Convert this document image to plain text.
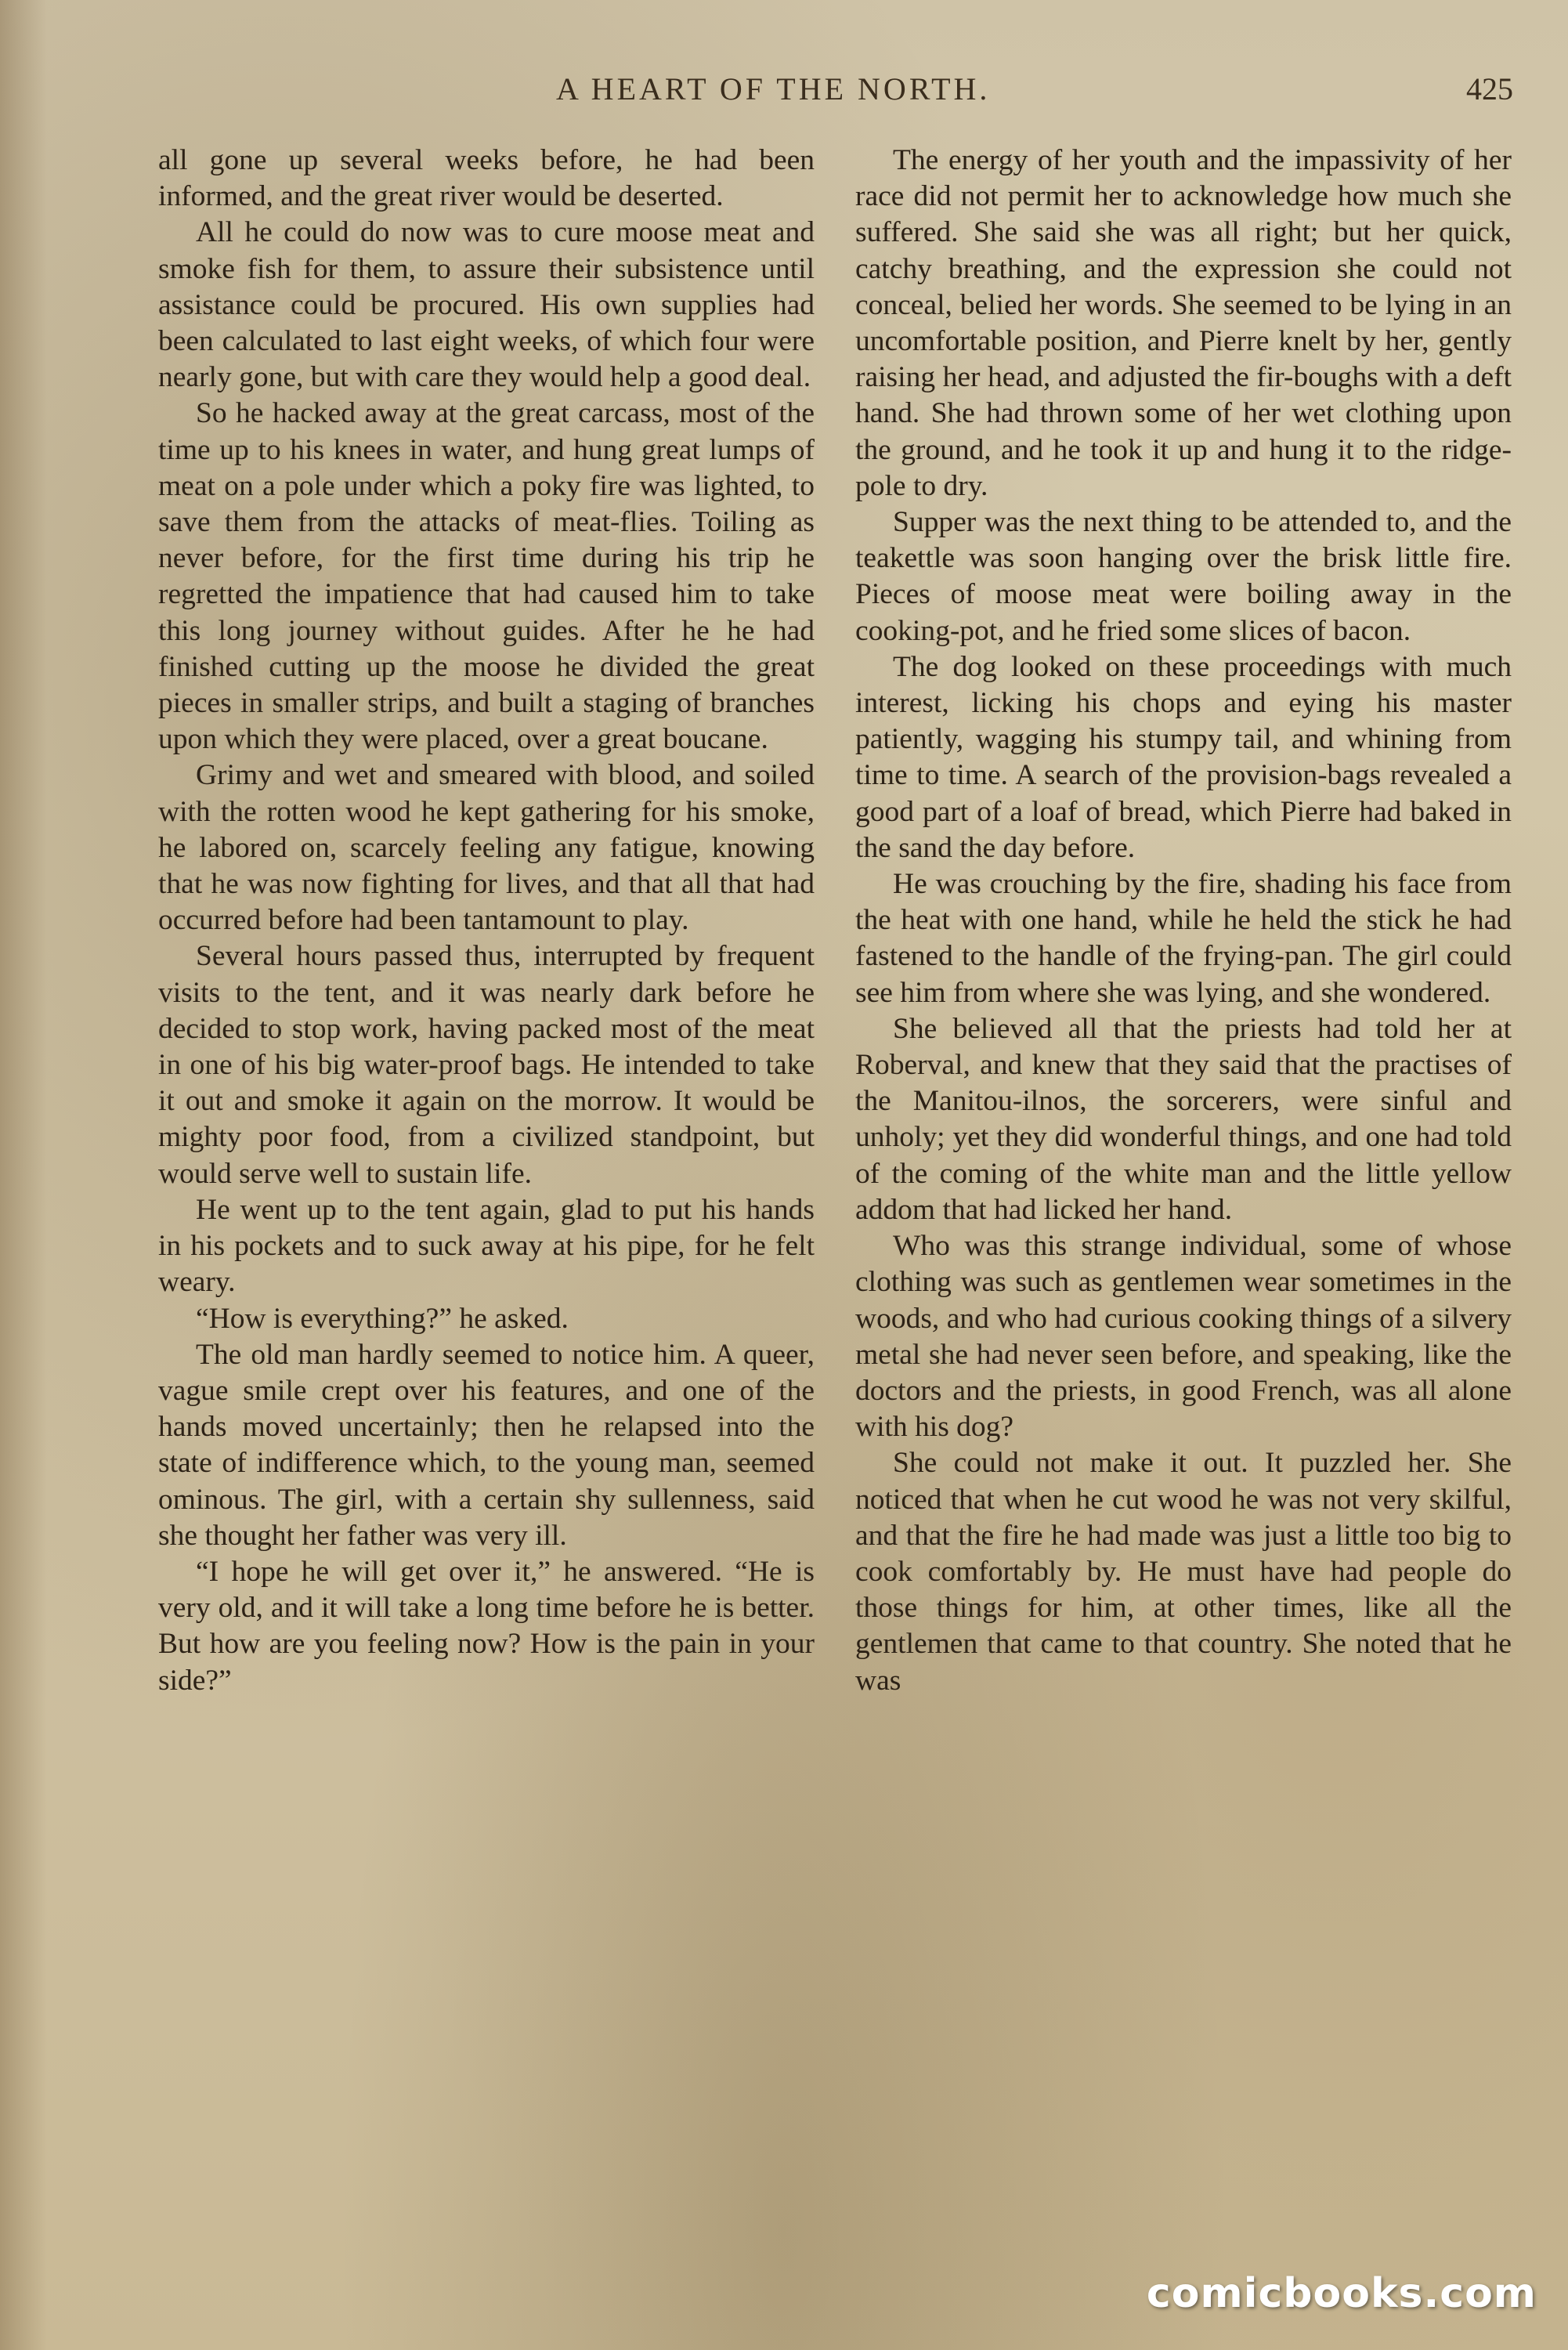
A HEART OF THE NORTH.	425

all gone up several weeks before, he had been informed, and the great river would be deserted.

All he could do now was to cure moose meat and smoke fish for them, to assure their subsistence until assistance could be procured. His own supplies had been calculated to last eight weeks, of which four were nearly gone, but with care they would help a good deal.

So he hacked away at the great carcass, most of the time up to his knees in water, and hung great lumps of meat on a pole under which a poky fire was lighted, to save them from the attacks of meat-flies. Toiling as never before, for the first time during his trip he regretted the impatience that had caused him to take this long journey without guides. After he he had finished cutting up the moose he divided the great pieces in smaller strips, and built a staging of branches upon which they were placed, over a great boucane.

Grimy and wet and smeared with blood, and soiled with the rotten wood he kept gathering for his smoke, he labored on, scarcely feeling any fatigue, knowing that he was now fighting for lives, and that all that had occurred before had been tantamount to play.

Several hours passed thus, interrupted by frequent visits to the tent, and it was nearly dark before he decided to stop work, having packed most of the meat in one of his big water-proof bags. He intended to take it out and smoke it again on the morrow. It would be mighty poor food, from a civilized standpoint, but would serve well to sustain life.

He went up to the tent again, glad to put his hands in his pockets and to suck away at his pipe, for he felt weary.

“How is everything?” he asked.

The old man hardly seemed to notice him. A queer, vague smile crept over his features, and one of the hands moved uncertainly; then he relapsed into the state of indifference which, to the young man, seemed ominous. The girl, with a certain shy sullenness, said she thought her father was very ill.

“I hope he will get over it,” he answered. “He is very old, and it will take a long time before he is better. But how are you feeling now? How is the pain in your side?”

The energy of her youth and the impassivity of her race did not permit her to acknowledge how much she suffered. She said she was all right; but her quick, catchy breathing, and the expression she could not conceal, belied her words. She seemed to be lying in an uncomfortable position, and Pierre knelt by her, gently raising her head, and adjusted the fir-boughs with a deft hand. She had thrown some of her wet clothing upon the ground, and he took it up and hung it to the ridge-pole to dry.

Supper was the next thing to be attended to, and the teakettle was soon hanging over the brisk little fire. Pieces of moose meat were boiling away in the cooking-pot, and he fried some slices of bacon.

The dog looked on these proceedings with much interest, licking his chops and eying his master patiently, wagging his stumpy tail, and whining from time to time. A search of the provision-bags revealed a good part of a loaf of bread, which Pierre had baked in the sand the day before.

He was crouching by the fire, shading his face from the heat with one hand, while he held the stick he had fastened to the handle of the frying-pan. The girl could see him from where she was lying, and she wondered.

She believed all that the priests had told her at Roberval, and knew that they said that the practises of the Manitou-ilnos, the sorcerers, were sinful and unholy; yet they did wonderful things, and one had told of the coming of the white man and the little yellow addom that had licked her hand.

Who was this strange individual, some of whose clothing was such as gentlemen wear sometimes in the woods, and who had curious cooking things of a silvery metal she had never seen before, and speaking, like the doctors and the priests, in good French, was all alone with his dog?

She could not make it out. It puzzled her. She noticed that when he cut wood he was not very skilful, and that the fire he had made was just a little too big to cook comfortably by. He must have had people do those things for him, at other times, like all the gentlemen that came to that country. She noted that he was

comicbooks.com
